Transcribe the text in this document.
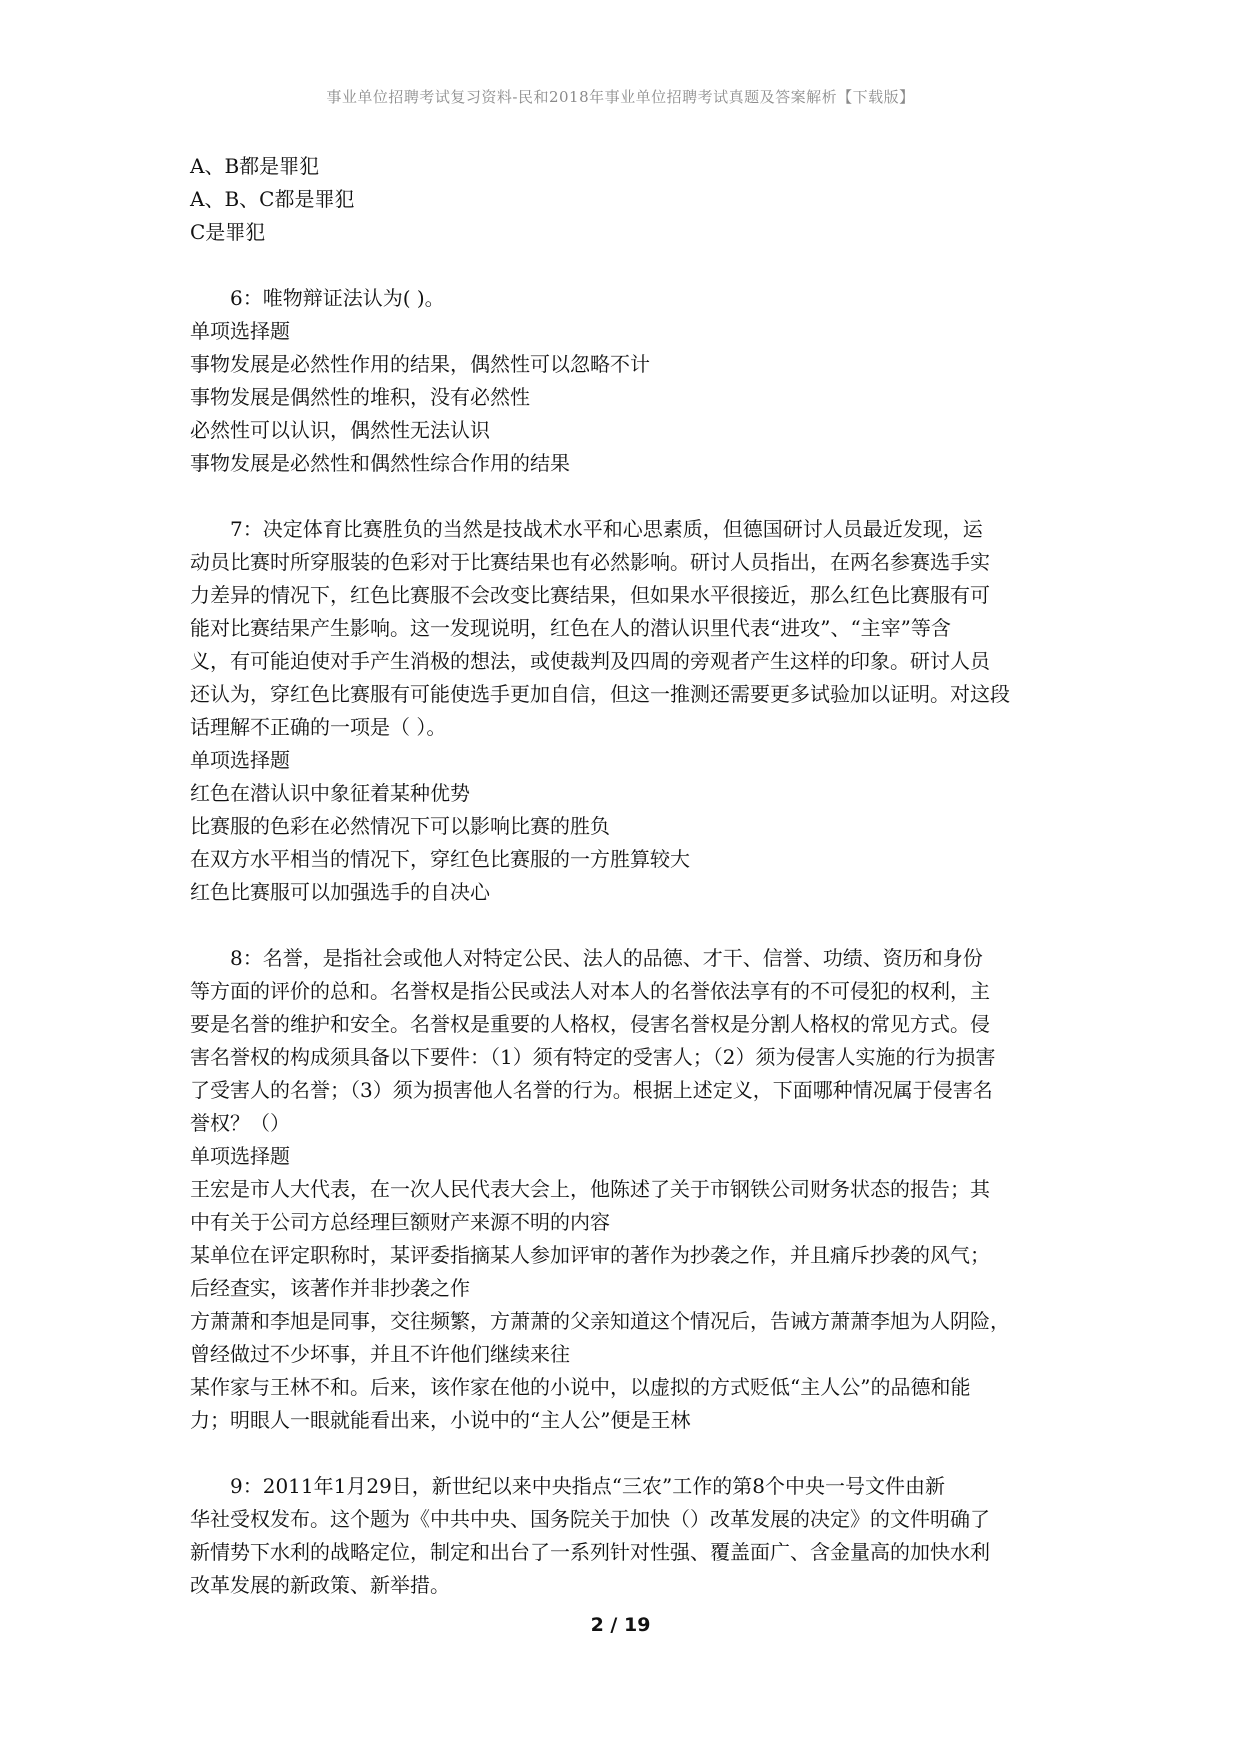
事业单位招聘考试复习资料-民和2018年事业单位招聘考试真题及答案解析【下载版】

A、B都是罪犯

A、B、C都是罪犯

C是罪犯

6：唯物辩证法认为( )。

单项选择题

事物发展是必然性作用的结果，偶然性可以忽略不计

事物发展是偶然性的堆积，没有必然性

必然性可以认识，偶然性无法认识

事物发展是必然性和偶然性综合作用的结果

7：决定体育比赛胜负的当然是技战术水平和心思素质，但德国研讨人员最近发现，运

动员比赛时所穿服装的色彩对于比赛结果也有必然影响。研讨人员指出，在两名参赛选手实

力差异的情况下，红色比赛服不会改变比赛结果，但如果水平很接近，那么红色比赛服有可

能对比赛结果产生影响。这一发现说明，红色在人的潜认识里代表“进攻”、“主宰”等含

义，有可能迫使对手产生消极的想法，或使裁判及四周的旁观者产生这样的印象。研讨人员

还认为，穿红色比赛服有可能使选手更加自信，但这一推测还需要更多试验加以证明。对这段

话理解不正确的一项是（ ）。

单项选择题

红色在潜认识中象征着某种优势

比赛服的色彩在必然情况下可以影响比赛的胜负

在双方水平相当的情况下，穿红色比赛服的一方胜算较大

红色比赛服可以加强选手的自决心

8：名誉，是指社会或他人对特定公民、法人的品德、才干、信誉、功绩、资历和身份

等方面的评价的总和。名誉权是指公民或法人对本人的名誉依法享有的不可侵犯的权利，主

要是名誉的维护和安全。名誉权是重要的人格权，侵害名誉权是分割人格权的常见方式。侵

害名誉权的构成须具备以下要件：（1）须有特定的受害人；（2）须为侵害人实施的行为损害

了受害人的名誉；（3）须为损害他人名誉的行为。根据上述定义，下面哪种情况属于侵害名

誉权？（）

单项选择题

王宏是市人大代表，在一次人民代表大会上，他陈述了关于市钢铁公司财务状态的报告；其

中有关于公司方总经理巨额财产来源不明的内容

某单位在评定职称时，某评委指摘某人参加评审的著作为抄袭之作，并且痛斥抄袭的风气；

后经查实，该著作并非抄袭之作

方萧萧和李旭是同事，交往频繁，方萧萧的父亲知道这个情况后，告诫方萧萧李旭为人阴险，

曾经做过不少坏事，并且不许他们继续来往

某作家与王林不和。后来，该作家在他的小说中，以虚拟的方式贬低“主人公”的品德和能

力；明眼人一眼就能看出来，小说中的“主人公”便是王林

9：2011年1月29日，新世纪以来中央指点“三农”工作的第8个中央一号文件由新

华社受权发布。这个题为《中共中央、国务院关于加快（）改革发展的决定》的文件明确了

新情势下水利的战略定位，制定和出台了一系列针对性强、覆盖面广、含金量高的加快水利

改革发展的新政策、新举措。

2 / 19
